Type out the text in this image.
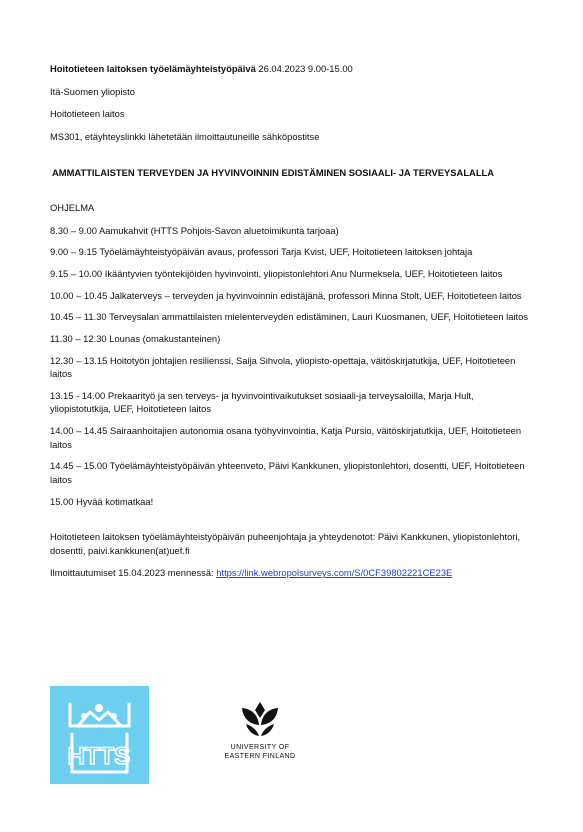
Hoitotieteen laitoksen työelämäyhteistyöpäivä 26.04.2023 9.00-15.00

Itä-Suomen yliopisto

Hoitotieteen laitos

MS301, etäyhteyslinkki lähetetään ilmoittautuneille sähköpostitse

AMMATTILAISTEN TERVEYDEN JA HYVINVOINNIN EDISTÄMINEN SOSIAALI- JA TERVEYSALALLA

OHJELMA

8.30 – 9.00 Aamukahvit (HTTS Pohjois-Savon aluetoimikunta tarjoaa)

9.00 – 9.15 Työelämäyhteistyöpäivän avaus, professori Tarja Kvist, UEF, Hoitotieteen laitoksen johtaja

9.15 – 10.00 Ikääntyvien työntekijöiden hyvinvointi, yliopistonlehtori Anu Nurmeksela, UEF, Hoitotieteen laitos

10.00 – 10.45 Jalkaterveys – terveyden ja hyvinvoinnin edistäjänä, professori Minna Stolt, UEF, Hoitotieteen laitos

10.45 – 11.30 Terveysalan ammattilaisten mielenterveyden edistäminen, Lauri Kuosmanen, UEF, Hoitotieteen laitos

11.30 – 12.30 Lounas (omakustanteinen)

12.30 – 13.15 Hoitotyön johtajien resilienssi, Saija Sihvola, yliopisto-opettaja, väitöskirjatutkija, UEF, Hoitotieteen laitos

13.15 - 14.00 Prekaarityö ja sen terveys- ja hyvinvointivaikutukset sosiaali-ja terveysaloilla, Marja Hult, yliopistotutkija, UEF, Hoitotieteen laitos

14.00 – 14.45 Sairaanhoitajien autonomia osana työhyvinvointia, Katja Pursio, väitöskirjatutkija, UEF, Hoitotieteen laitos

14.45 – 15.00 Työelämäyhteistyöpäivän yhteenveto, Päivi Kankkunen, yliopistonlehtori, dosentti, UEF, Hoitotieteen laitos

15.00 Hyvää kotimatkaa!

Hoitotieteen laitoksen työelämäyhteistyöpäivän puheenjohtaja ja yhteydenotot: Päivi Kankkunen, yliopistonlehtori, dosentti, paivi.kankkunen(at)uef.fi

Ilmoittautumiset 15.04.2023 mennessä: https://link.webropolsurveys.com/S/0CF39802221CE23E

HTTS	UNIVERSITY OF
EASTERN FINLAND
